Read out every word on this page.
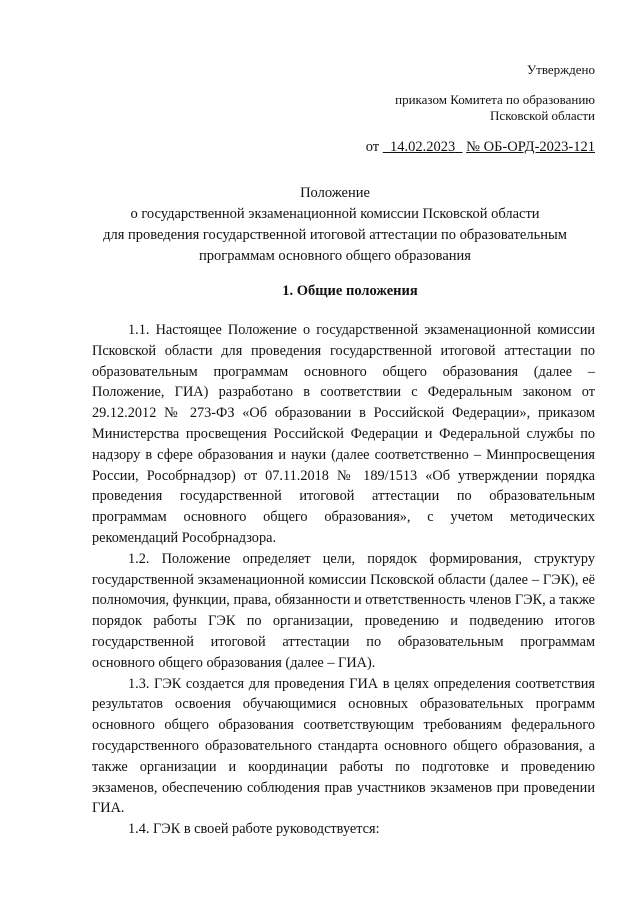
Утверждено
приказом Комитета по образованию
Псковской области
от 14.02.2023 № ОБ-ОРД-2023-121
Положение
о государственной экзаменационной комиссии Псковской области
для проведения государственной итоговой аттестации по образовательным
программам основного общего образования
1. Общие положения

1.1. Настоящее Положение о государственной экзаменационной комиссии Псковской области для проведения государственной итоговой аттестации по образовательным программам основного общего образования (далее – Положение, ГИА) разработано в соответствии с Федеральным законом от 29.12.2012 № 273-ФЗ «Об образовании в Российской Федерации», приказом Министерства просвещения Российской Федерации и Федеральной службы по надзору в сфере образования и науки (далее соответственно – Минпросвещения России, Рособрнадзор) от 07.11.2018 № 189/1513 «Об утверждении порядка проведения государственной итоговой аттестации по образовательным программам основного общего образования», с учетом методических рекомендаций Рособрнадзора.

1.2. Положение определяет цели, порядок формирования, структуру государственной экзаменационной комиссии Псковской области (далее – ГЭК), её полномочия, функции, права, обязанности и ответственность членов ГЭК, а также порядок работы ГЭК по организации, проведению и подведению итогов государственной итоговой аттестации по образовательным программам основного общего образования (далее – ГИА).

1.3. ГЭК создается для проведения ГИА в целях определения соответствия результатов освоения обучающимися основных образовательных программ основного общего образования соответствующим требованиям федерального государственного образовательного стандарта основного общего образования, а также организации и координации работы по подготовке и проведению экзаменов, обеспечению соблюдения прав участников экзаменов при проведении ГИА.

1.4. ГЭК в своей работе руководствуется:
